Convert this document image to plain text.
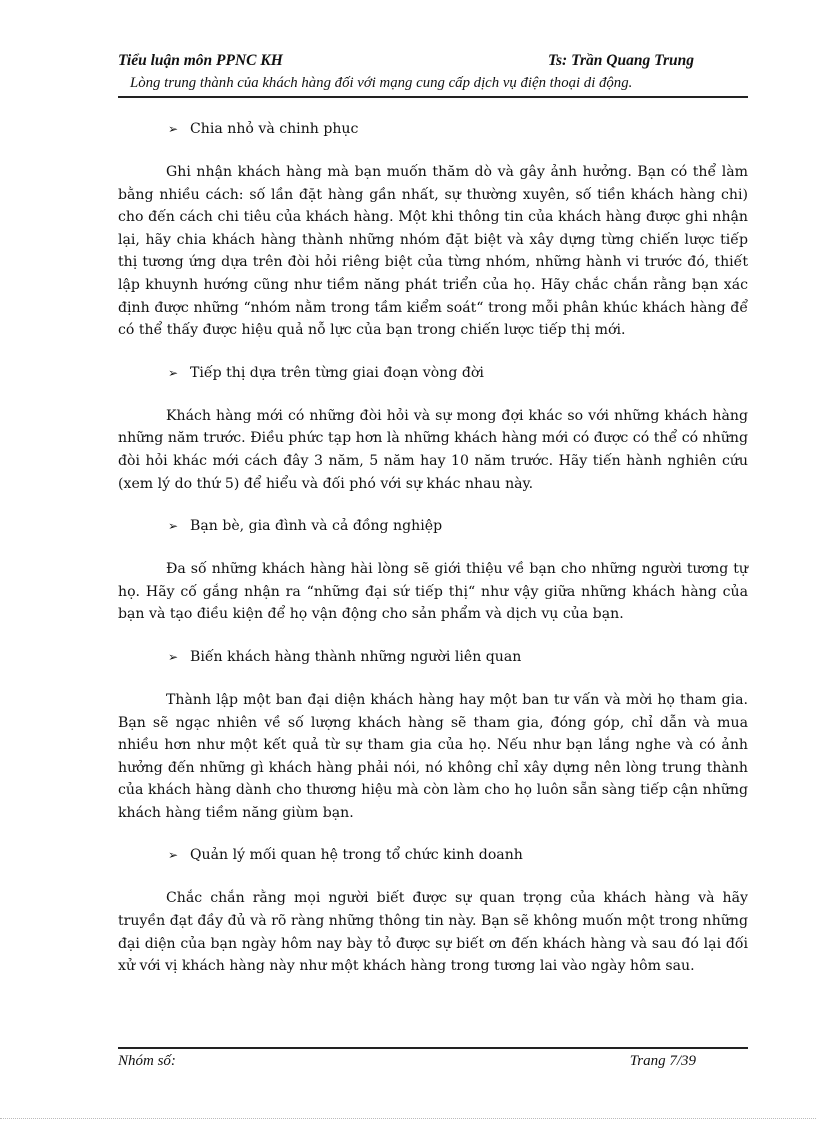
Tiểu luận môn PPNC KH	Ts: Trần Quang Trung
Lòng trung thành của khách hàng đối với mạng cung cấp dịch vụ điện thoại di động.

➢ Chia nhỏ và chinh phục

Ghi nhận khách hàng mà bạn muốn thăm dò và gây ảnh hưởng. Bạn có thể làm bằng nhiều cách: số lần đặt hàng gần nhất, sự thường xuyên, số tiền khách hàng chi) cho đến cách chi tiêu của khách hàng. Một khi thông tin của khách hàng được ghi nhận lại, hãy chia khách hàng thành những nhóm đặt biệt và xây dựng từng chiến lược tiếp thị tương ứng dựa trên đòi hỏi riêng biệt của từng nhóm, những hành vi trước đó, thiết lập khuynh hướng cũng như tiềm năng phát triển của họ. Hãy chắc chắn rằng bạn xác định được những “nhóm nằm trong tầm kiểm soát“ trong mỗi phân khúc khách hàng để có thể thấy được hiệu quả nỗ lực của bạn trong chiến lược tiếp thị mới.

➢ Tiếp thị dựa trên từng giai đoạn vòng đời

Khách hàng mới có những đòi hỏi và sự mong đợi khác so với những khách hàng những năm trước. Điều phức tạp hơn là những khách hàng mới có được có thể có những đòi hỏi khác mới cách đây 3 năm, 5 năm hay 10 năm trước. Hãy tiến hành nghiên cứu (xem lý do thứ 5) để hiểu và đối phó với sự khác nhau này.

➢ Bạn bè, gia đình và cả đồng nghiệp

Đa số những khách hàng hài lòng sẽ giới thiệu về bạn cho những người tương tự họ. Hãy cố gắng nhận ra “những đại sứ tiếp thị“ như vậy giữa những khách hàng của bạn và tạo điều kiện để họ vận động cho sản phẩm và dịch vụ của bạn.

➢ Biến khách hàng thành những người liên quan

Thành lập một ban đại diện khách hàng hay một ban tư vấn và mời họ tham gia. Bạn sẽ ngạc nhiên về số lượng khách hàng sẽ tham gia, đóng góp, chỉ dẫn và mua nhiều hơn như một kết quả từ sự tham gia của họ. Nếu như bạn lắng nghe và có ảnh hưởng đến những gì khách hàng phải nói, nó không chỉ xây dựng nên lòng trung thành của khách hàng dành cho thương hiệu mà còn làm cho họ luôn sẵn sàng tiếp cận những khách hàng tiềm năng giùm bạn.

➢ Quản lý mối quan hệ trong tổ chức kinh doanh

Chắc chắn rằng mọi người biết được sự quan trọng của khách hàng và hãy truyền đạt đầy đủ và rõ ràng những thông tin này. Bạn sẽ không muốn một trong những đại diện của bạn ngày hôm nay bày tỏ được sự biết ơn đến khách hàng và sau đó lại đối xử với vị khách hàng này như một khách hàng trong tương lai vào ngày hôm sau.

Nhóm số:	Trang 7/39
